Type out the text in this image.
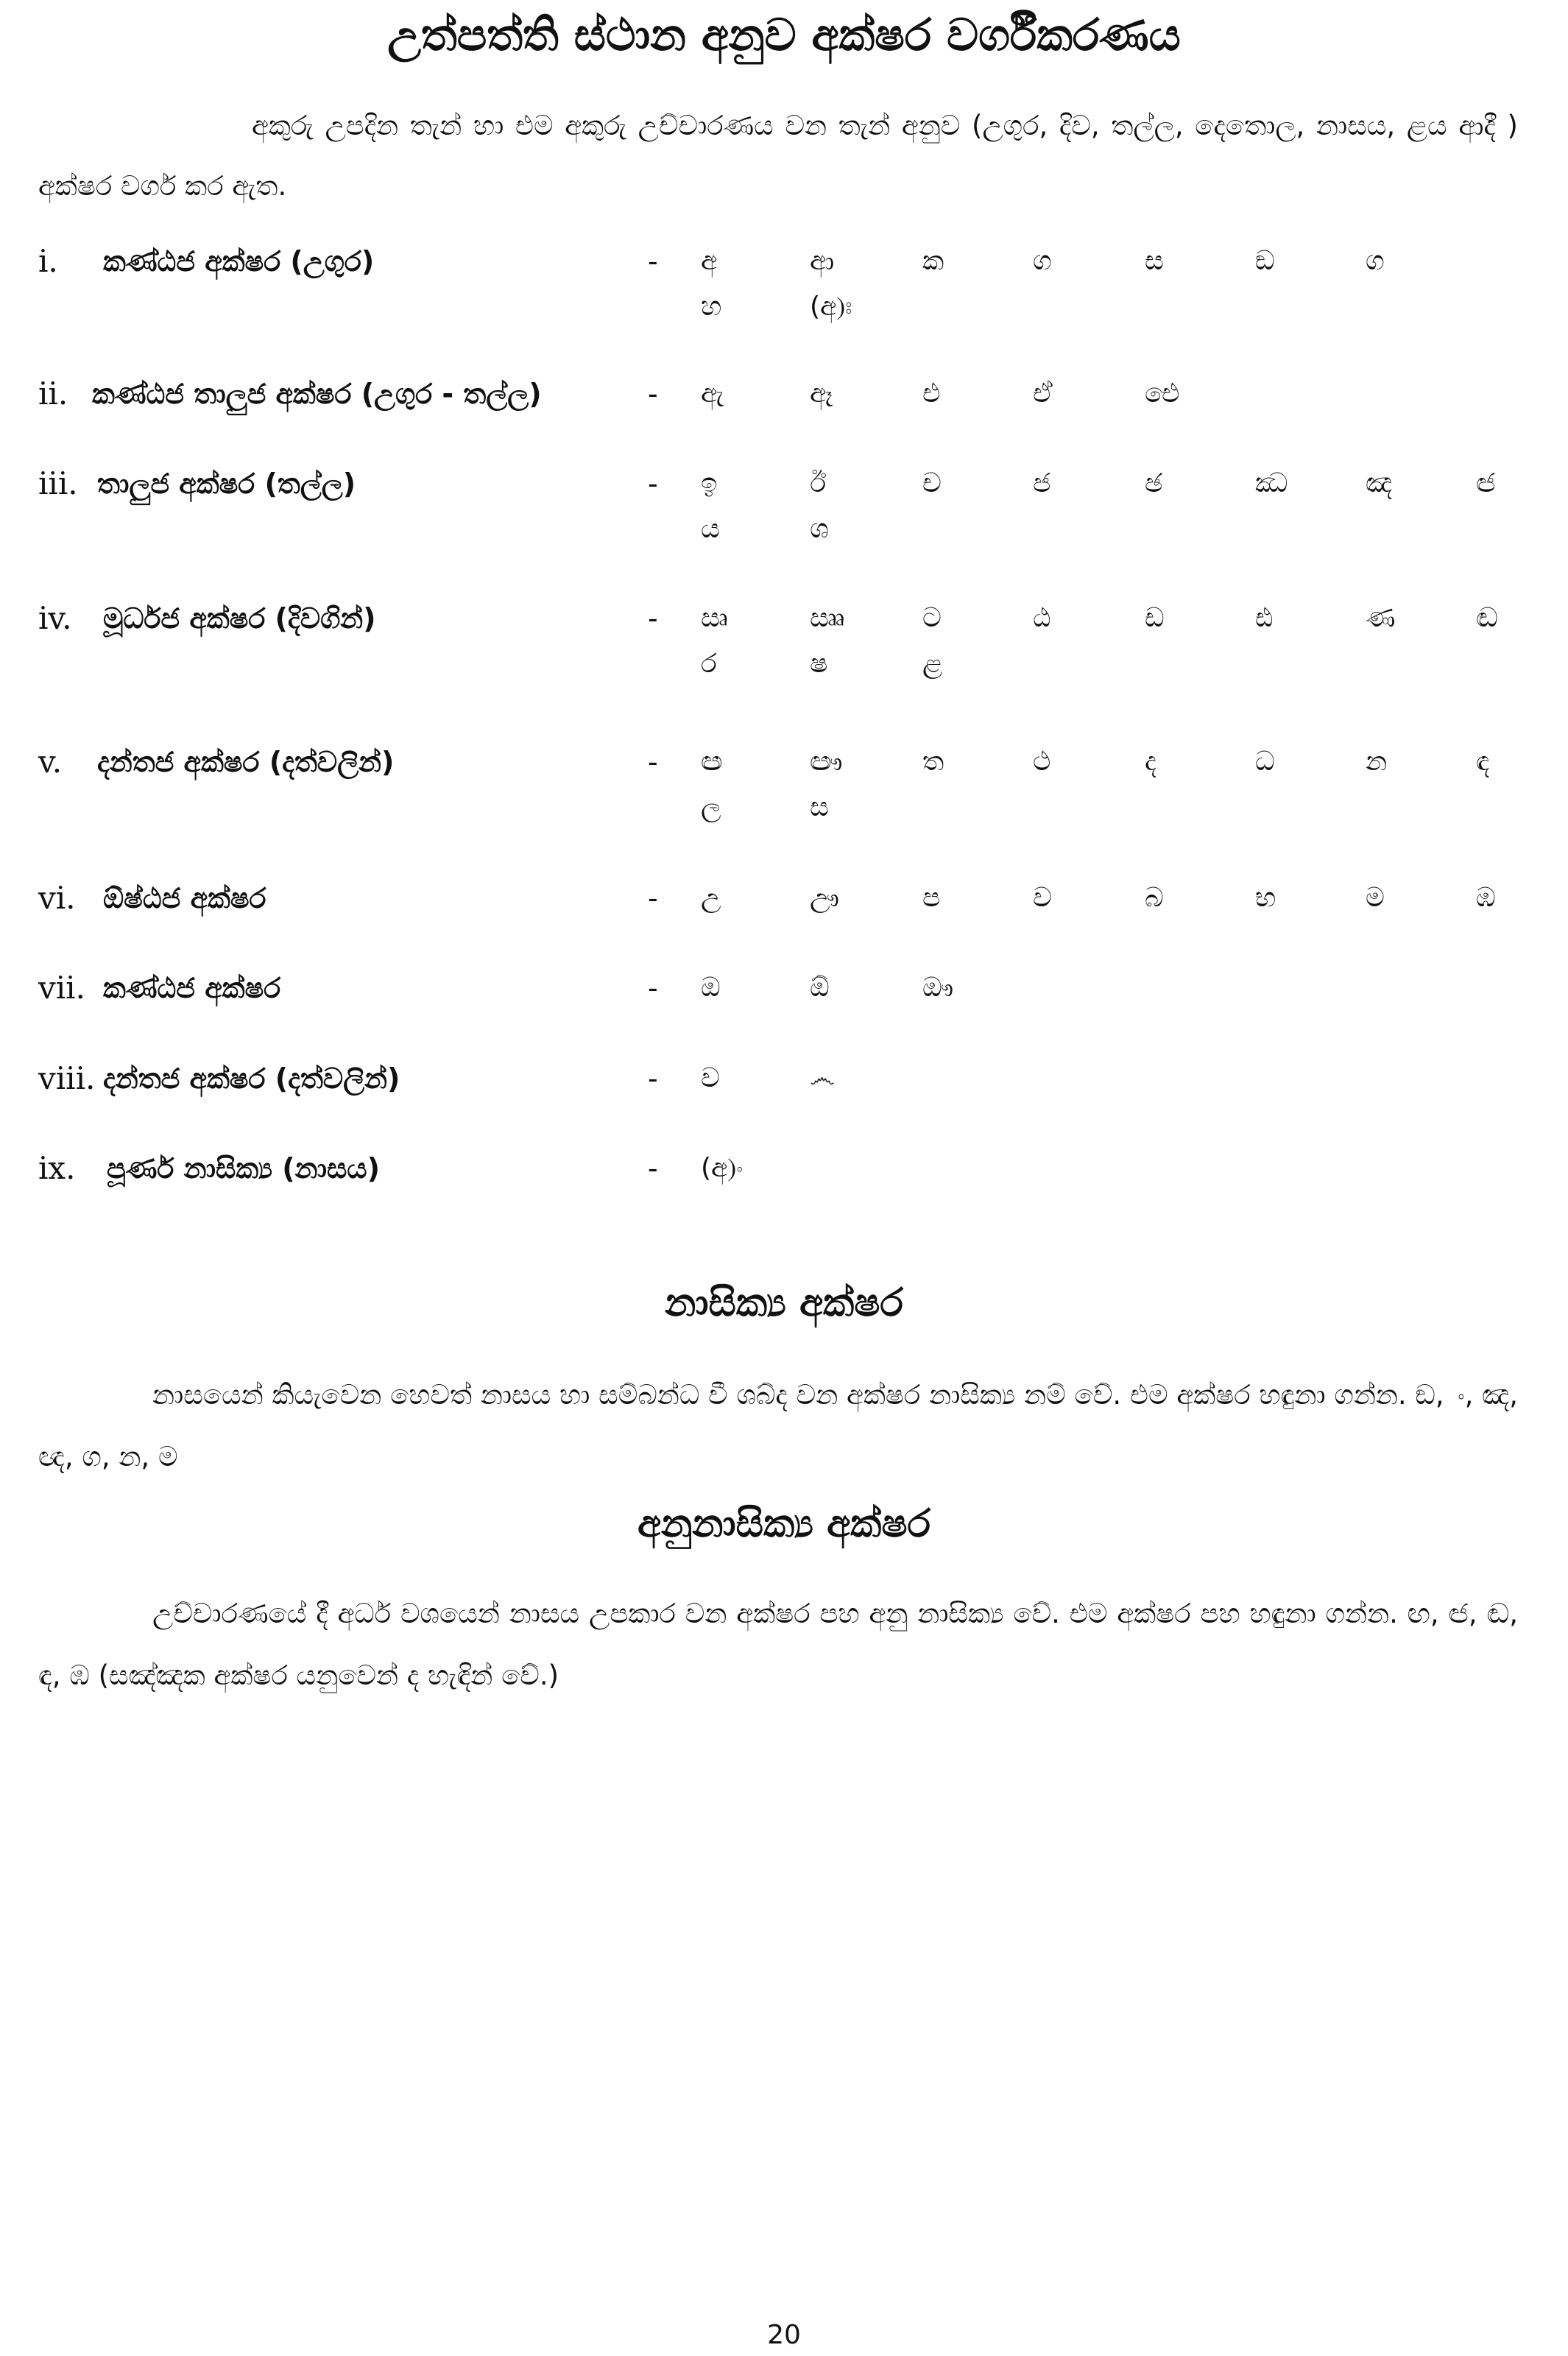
උත්පත්ති ස්ථාන අනුව අක්ෂර වර්ගීකරණය
අකුරු උපදින තැන් හා එම අකුරු උච්චාරණය වන තැන් අනුව (උගුර, දිව, තල්ල, දෙතොල, නාසය, ළය ආදී ) අක්ෂර වර්ග කර ඇත.
i. කණ්ඨජ අක්ෂර (උගුර)	- අ	ආ	ක	ග	ස	ඞ	ග
හ	(අ)ඃ
ii. කණ්ඨජ තාලුජ අක්ෂර (උගුර - තල්ල)	- ඇ	ඈ	එ	ඒ	ඓ
iii. තාලුජ අක්ෂර (තල්ල)	- ඉ	ඊ	ච	ජ	ඡ	ඣ	ඤ	ඦ
ය	ශ
iv. මූර්ධජ අක්ෂර (දිවගින්)	- ඍ	ඎ	ට	ඨ	ඩ	ඪ	ණ	ඬ
ර	ෂ	ළ
v. දන්තජ අක්ෂර (දත්වලින්)	- ඏ	ඐ	ත	ථ	ද	ධ	න	ඳ
ල	ස
vi. ඕෂ්ඨජ අක්ෂර	- උ	ඌ	ප	ව	බ	භ	ම	ඹ
vii. කණ්ඨජ අක්ෂර	- ඔ	ඕ	ඖ
viii. දන්තජ අක්ෂර (දත්වලින්)	- ව	෴
ix. පූර්ණ නාසික්‍ය (නාසය)	- (අ)ං
නාසික්‍ය අක්ෂර
නාසයෙන් කියැවෙන හෙවත් නාසය හා සම්බන්ධ වී ශබ්ද වන අක්ෂර නාසික්‍ය නම් වේ. එම අක්ෂර හඳුනා ගන්න. ඞ, ං, ඤ, ඥ, ග, න, ම
අනුනාසික්‍ය අක්ෂර
උච්චාරණයේ දී අර්ධ වශයෙන් නාසය උපකාර වන අක්ෂර පහ අනු නාසික්‍ය වේ. එම අක්ෂර පහ හඳුනා ගන්න. ඟ, ඦ, ඬ, ඳ, ඹ (සඤ්ඤක අක්ෂර යනුවෙන් ද හැඳින් වේ.)
20
